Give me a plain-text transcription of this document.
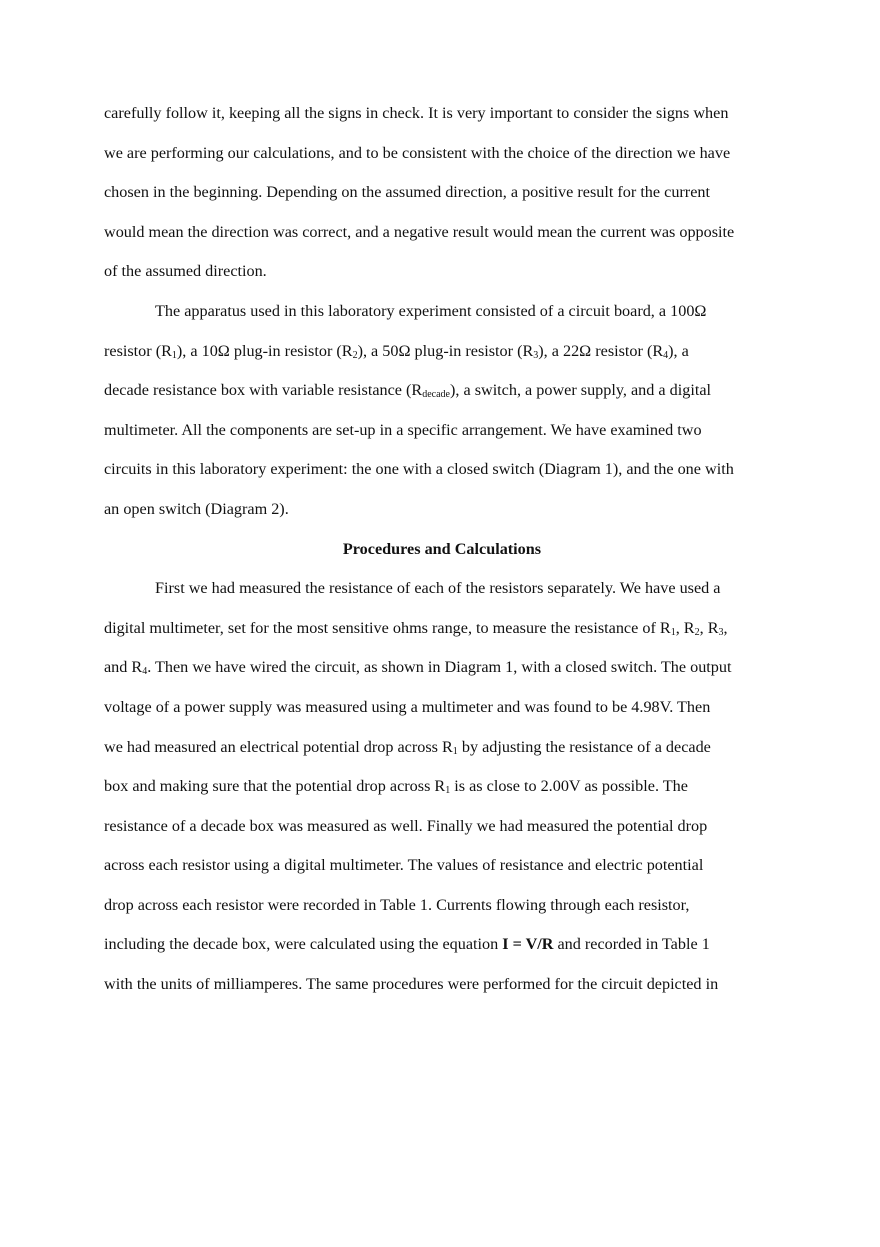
carefully follow it, keeping all the signs in check. It is very important to consider the signs when
we are performing our calculations, and to be consistent with the choice of the direction we have
chosen in the beginning. Depending on the assumed direction, a positive result for the current
would mean the direction was correct, and a negative result would mean the current was opposite
of the assumed direction.
The apparatus used in this laboratory experiment consisted of a circuit board, a 100Ω
resistor $(R_1)$, a 10Ω plug-in resistor $(R_2)$, a 50Ω plug-in resistor $(R_3)$, a 22Ω resistor $(R_4)$, a
decade resistance box with variable resistance $(R_{decade})$, a switch, a power supply, and a digital
multimeter. All the components are set-up in a specific arrangement. We have examined two
circuits in this laboratory experiment: the one with a closed switch (Diagram 1), and the one with
an open switch (Diagram 2).
Procedures and Calculations
First we had measured the resistance of each of the resistors separately. We have used a
digital multimeter, set for the most sensitive ohms range, to measure the resistance of $R_1$, $R_2$, $R_3$,
and $R_4$. Then we have wired the circuit, as shown in Diagram 1, with a closed switch. The output
voltage of a power supply was measured using a multimeter and was found to be 4.98V. Then
we had measured an electrical potential drop across $R_1$ by adjusting the resistance of a decade
box and making sure that the potential drop across $R_1$ is as close to 2.00V as possible. The
resistance of a decade box was measured as well. Finally we had measured the potential drop
across each resistor using a digital multimeter. The values of resistance and electric potential
drop across each resistor were recorded in Table 1. Currents flowing through each resistor,
including the decade box, were calculated using the equation I = V/R and recorded in Table 1
with the units of milliamperes. The same procedures were performed for the circuit depicted in
